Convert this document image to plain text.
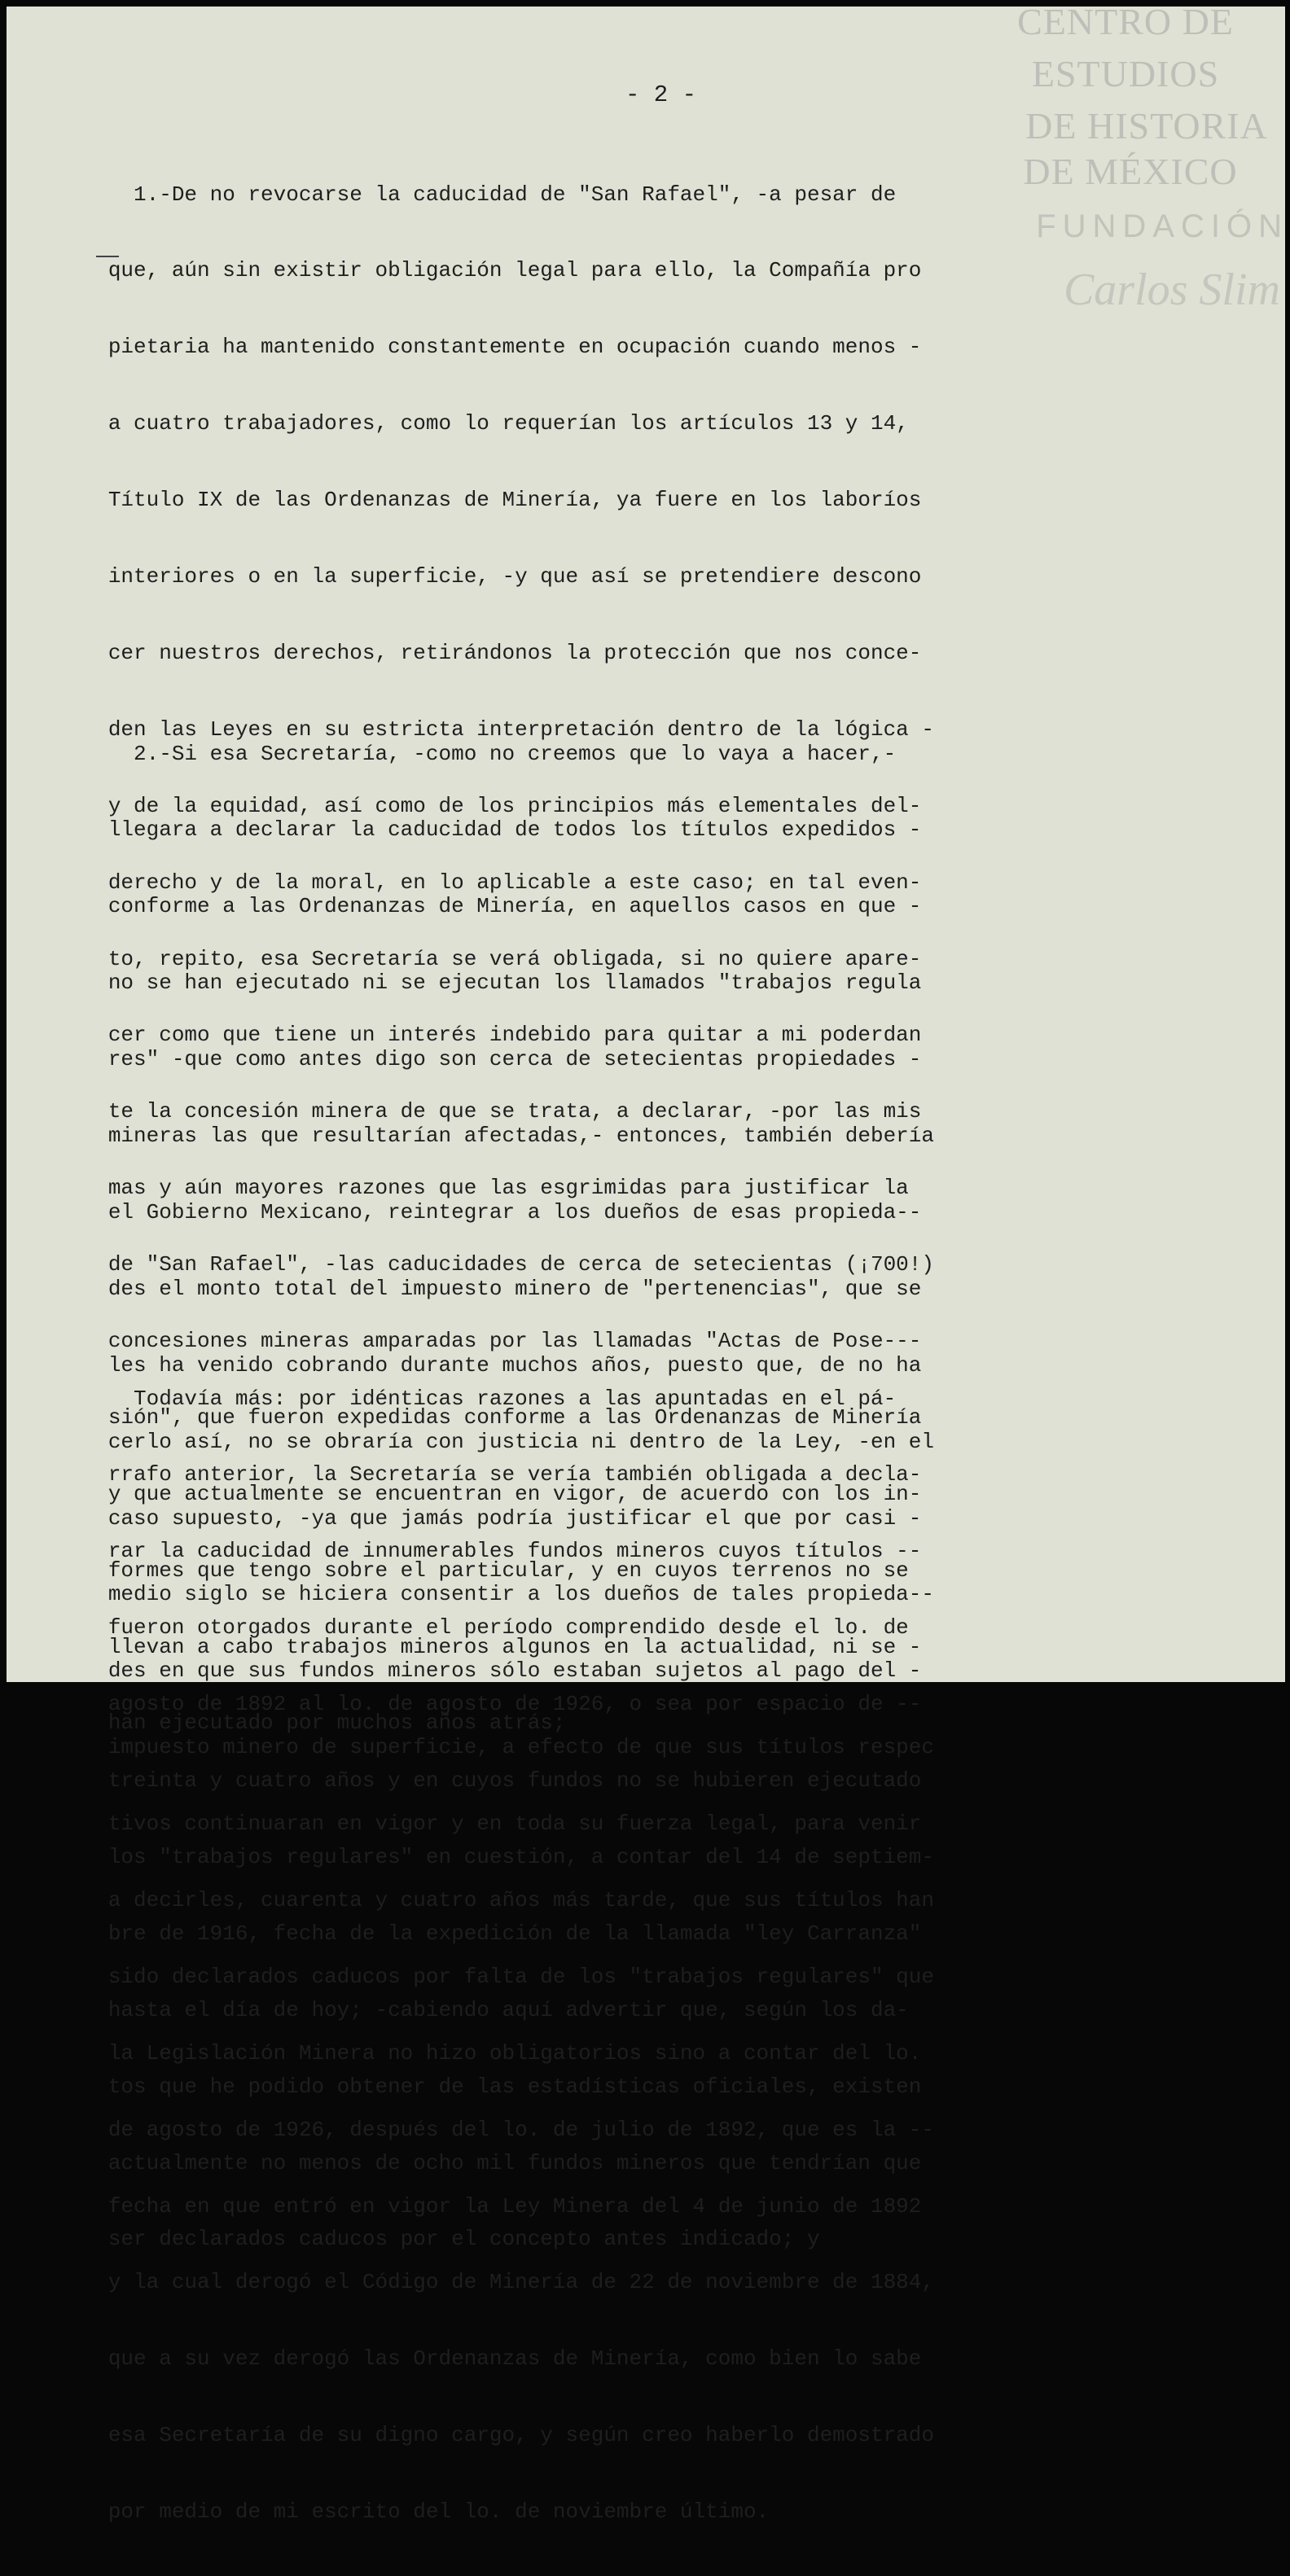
CENTRO DE
ESTUDIOS
DE HISTORIA
DE MÉXICO
FUNDACIÓN
Carlos Slim
- 2 -

1.-De no revocarse la caducidad de "San Rafael", -a pesar de

que, aún sin existir obligación legal para ello, la Compañía pro

pietaria ha mantenido constantemente en ocupación cuando menos -

a cuatro trabajadores, como lo requerían los artículos 13 y 14,

Título IX de las Ordenanzas de Minería, ya fuere en los laboríos

interiores o en la superficie, -y que así se pretendiere descono

cer nuestros derechos, retirándonos la protección que nos conce-

den las Leyes en su estricta interpretación dentro de la lógica -

y de la equidad, así como de los principios más elementales del-

derecho y de la moral, en lo aplicable a este caso; en tal even-

to, repito, esa Secretaría se verá obligada, si no quiere apare-

cer como que tiene un interés indebido para quitar a mi poderdan

te la concesión minera de que se trata, a declarar, -por las mis

mas y aún mayores razones que las esgrimidas para justificar la

de "San Rafael", -las caducidades de cerca de setecientas (¡700!)

concesiones mineras amparadas por las llamadas "Actas de Pose---

sión", que fueron expedidas conforme a las Ordenanzas de Minería

y que actualmente se encuentran en vigor, de acuerdo con los in-

formes que tengo sobre el particular, y en cuyos terrenos no se

llevan a cabo trabajos mineros algunos en la actualidad, ni se -

han ejecutado por muchos años atrás;

2.-Si esa Secretaría, -como no creemos que lo vaya a hacer,-

llegara a declarar la caducidad de todos los títulos expedidos -

conforme a las Ordenanzas de Minería, en aquellos casos en que -

no se han ejecutado ni se ejecutan los llamados "trabajos regula

res" -que como antes digo son cerca de setecientas propiedades -

mineras las que resultarían afectadas,- entonces, también debería

el Gobierno Mexicano, reintegrar a los dueños de esas propieda--

des el monto total del impuesto minero de "pertenencias", que se

les ha venido cobrando durante muchos años, puesto que, de no ha

cerlo así, no se obraría con justicia ni dentro de la Ley, -en el

caso supuesto, -ya que jamás podría justificar el que por casi -

medio siglo se hiciera consentir a los dueños de tales propieda--

des en que sus fundos mineros sólo estaban sujetos al pago del -

impuesto minero de superficie, a efecto de que sus títulos respec

tivos continuaran en vigor y en toda su fuerza legal, para venir

a decirles, cuarenta y cuatro años más tarde, que sus títulos han

sido declarados caducos por falta de los "trabajos regulares" que

la Legislación Minera no hizo obligatorios sino a contar del lo.

de agosto de 1926, después del lo. de julio de 1892, que es la --

fecha en que entró en vigor la Ley Minera del 4 de junio de 1892

y la cual derogó el Código de Minería de 22 de noviembre de 1884,

que a su vez derogó las Ordenanzas de Minería, como bien lo sabe

esa Secretaría de su digno cargo, y según creo haberlo demostrado

por medio de mi escrito del lo. de noviembre último.

Todavía más: por idénticas razones a las apuntadas en el pá-

rrafo anterior, la Secretaría se vería también obligada a decla-

rar la caducidad de innumerables fundos mineros cuyos títulos --

fueron otorgados durante el período comprendido desde el lo. de

agosto de 1892 al lo. de agosto de 1926, o sea por espacio de --

treinta y cuatro años y en cuyos fundos no se hubieren ejecutado

los "trabajos regulares" en cuestión, a contar del 14 de septiem-

bre de 1916, fecha de la expedición de la llamada "ley Carranza"

hasta el día de hoy; -cabiendo aquí advertir que, según los da-

tos que he podido obtener de las estadísticas oficiales, existen

actualmente no menos de ocho mil fundos mineros que tendrían que

ser declarados caducos por el concepto antes indicado; y
